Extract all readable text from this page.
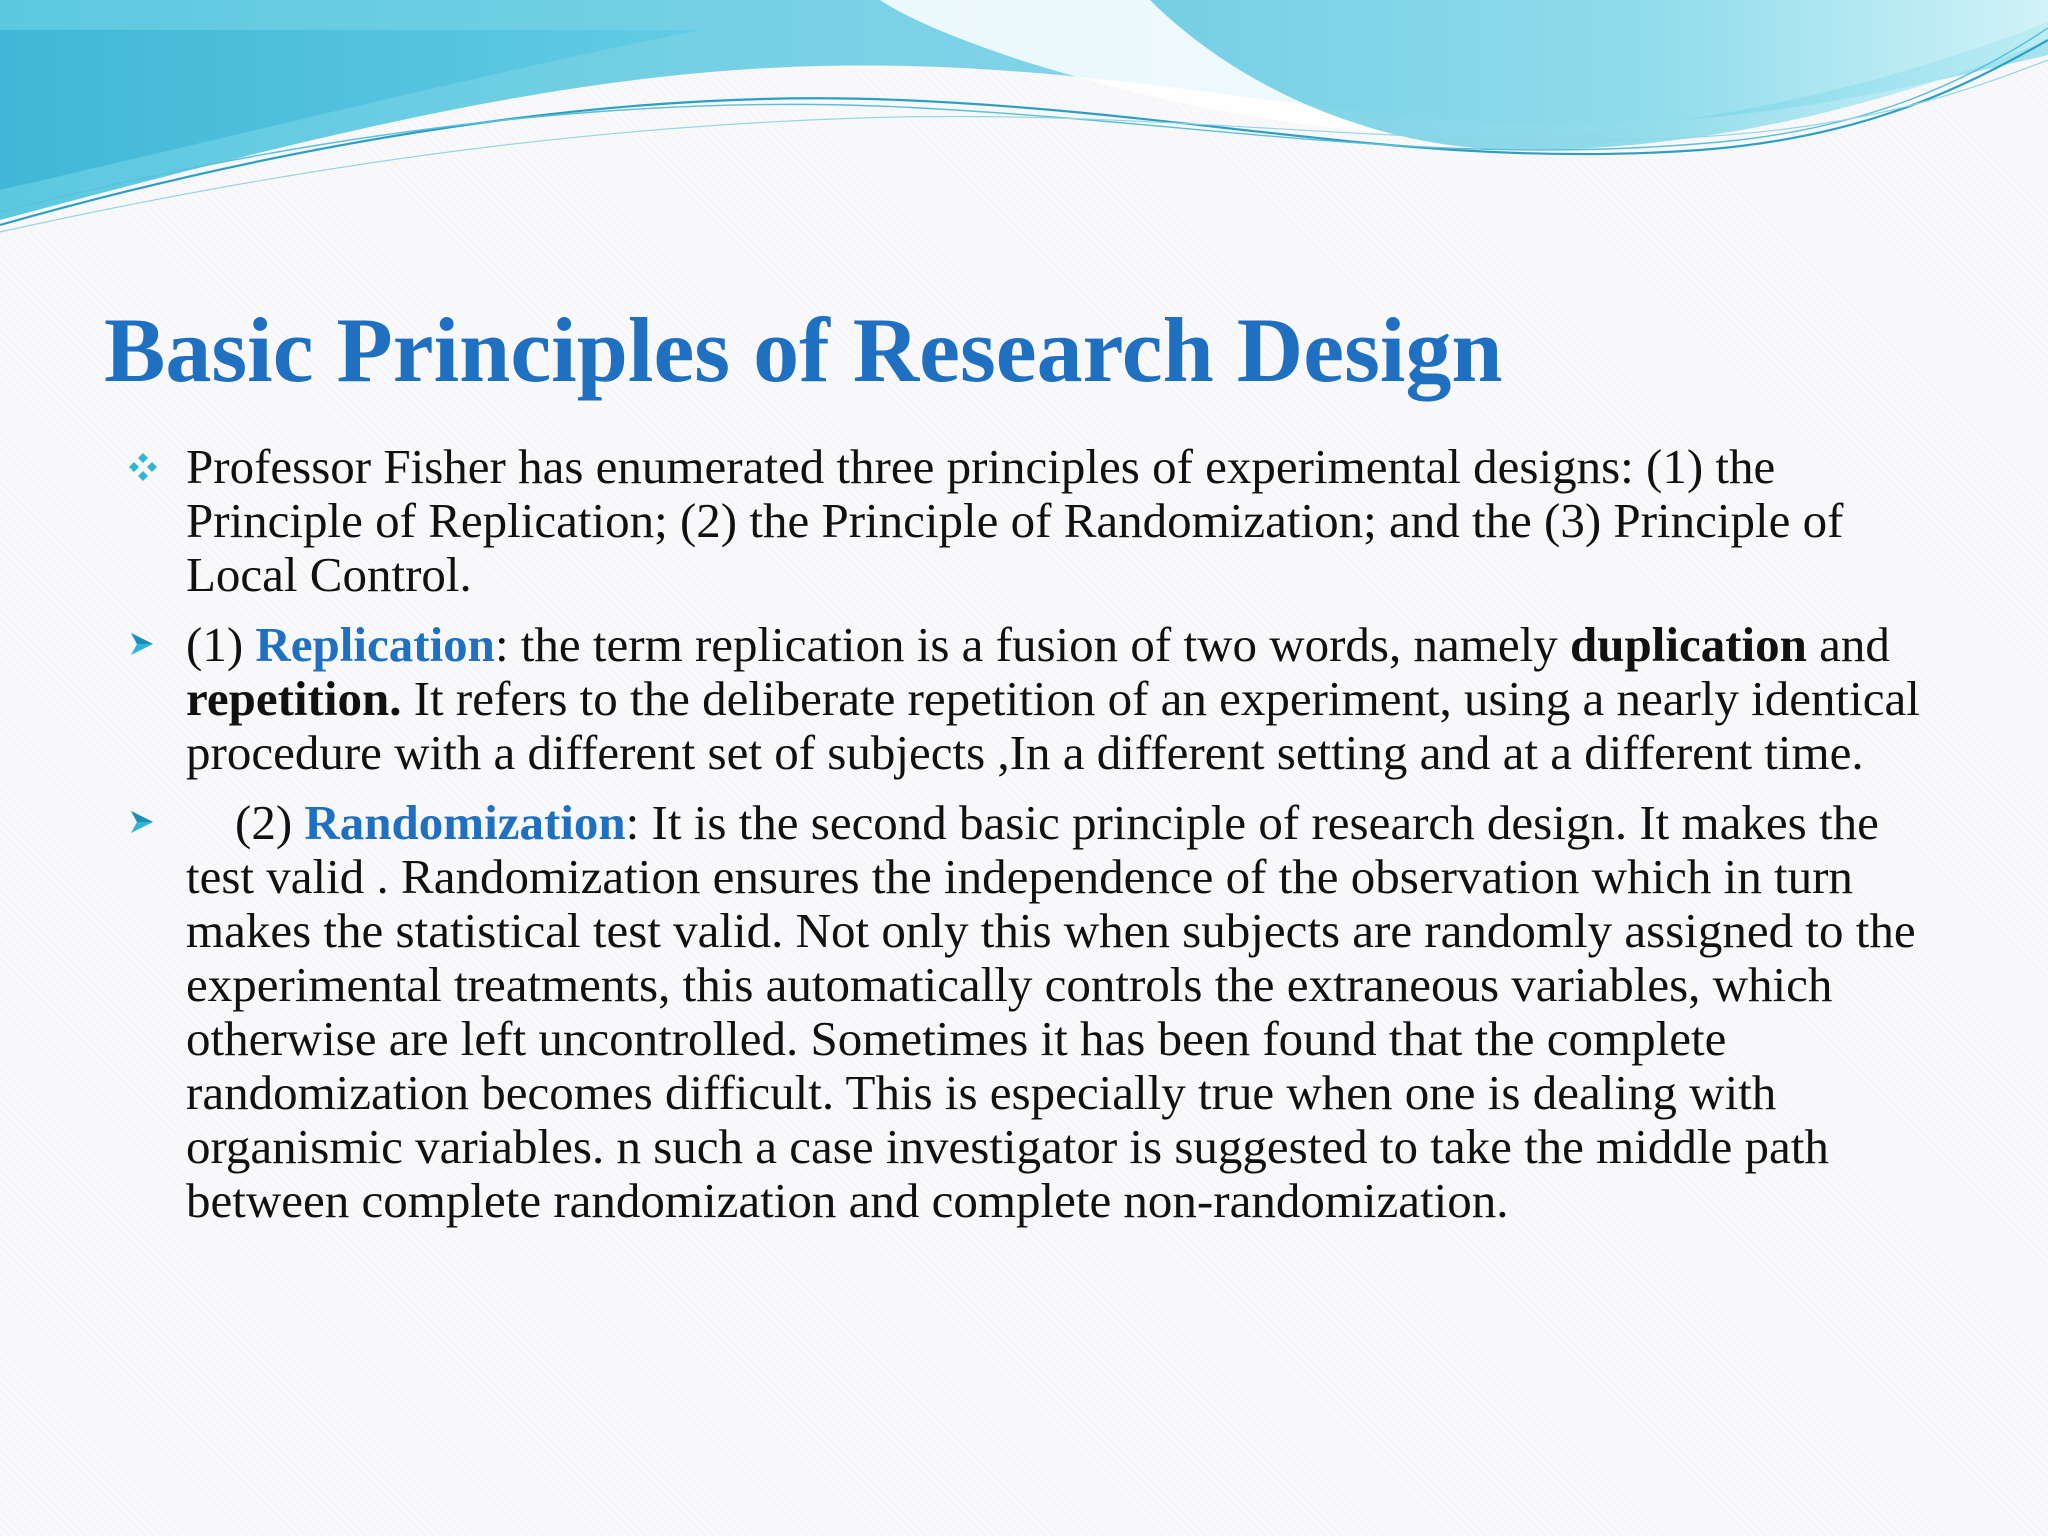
Basic Principles of Research Design
Professor Fisher has enumerated three principles of experimental designs: (1) the Principle of Replication; (2) the Principle of Randomization; and the (3) Principle of Local Control.
(1) Replication: the term replication is a fusion of two words, namely duplication and repetition. It refers to the deliberate repetition of an experiment, using a nearly identical procedure with a different set of subjects ,In a different setting and at a different time.
(2) Randomization: It is the second basic principle of research design. It makes the test valid . Randomization ensures the independence of the observation which in turn makes the statistical test valid. Not only this when subjects are randomly assigned to the experimental treatments, this automatically controls the extraneous variables, which otherwise are left uncontrolled. Sometimes it has been found that the complete randomization becomes difficult. This is especially true when one is dealing with organismic variables. n such a case investigator is suggested to take the middle path between complete randomization and complete non-randomization.
